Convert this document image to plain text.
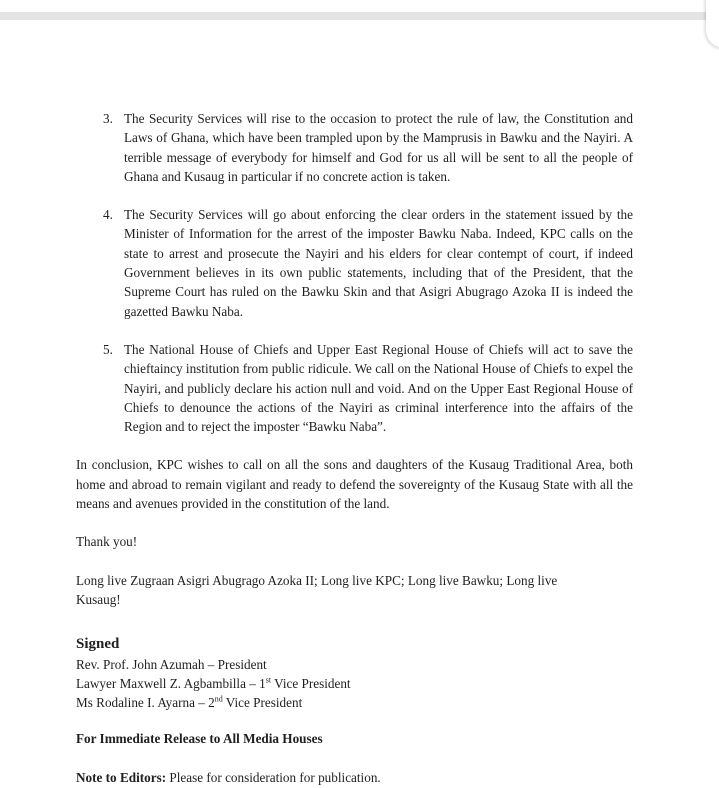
3. The Security Services will rise to the occasion to protect the rule of law, the Constitution and Laws of Ghana, which have been trampled upon by the Mamprusis in Bawku and the Nayiri. A terrible message of everybody for himself and God for us all will be sent to all the people of Ghana and Kusaug in particular if no concrete action is taken.
4. The Security Services will go about enforcing the clear orders in the statement issued by the Minister of Information for the arrest of the imposter Bawku Naba. Indeed, KPC calls on the state to arrest and prosecute the Nayiri and his elders for clear contempt of court, if indeed Government believes in its own public statements, including that of the President, that the Supreme Court has ruled on the Bawku Skin and that Asigri Abugrago Azoka II is indeed the gazetted Bawku Naba.
5. The National House of Chiefs and Upper East Regional House of Chiefs will act to save the chieftaincy institution from public ridicule. We call on the National House of Chiefs to expel the Nayiri, and publicly declare his action null and void. And on the Upper East Regional House of Chiefs to denounce the actions of the Nayiri as criminal interference into the affairs of the Region and to reject the imposter “Bawku Naba”.

In conclusion, KPC wishes to call on all the sons and daughters of the Kusaug Traditional Area, both home and abroad to remain vigilant and ready to defend the sovereignty of the Kusaug State with all the means and avenues provided in the constitution of the land.

Thank you!

Long live Zugraan Asigri Abugrago Azoka II; Long live KPC; Long live Bawku; Long live Kusaug!

Signed

Rev. Prof. John Azumah – President

Lawyer Maxwell Z. Agbambilla – 1st Vice President

Ms Rodaline I. Ayarna – 2nd Vice President

For Immediate Release to All Media Houses

Note to Editors: Please for consideration for publication.
